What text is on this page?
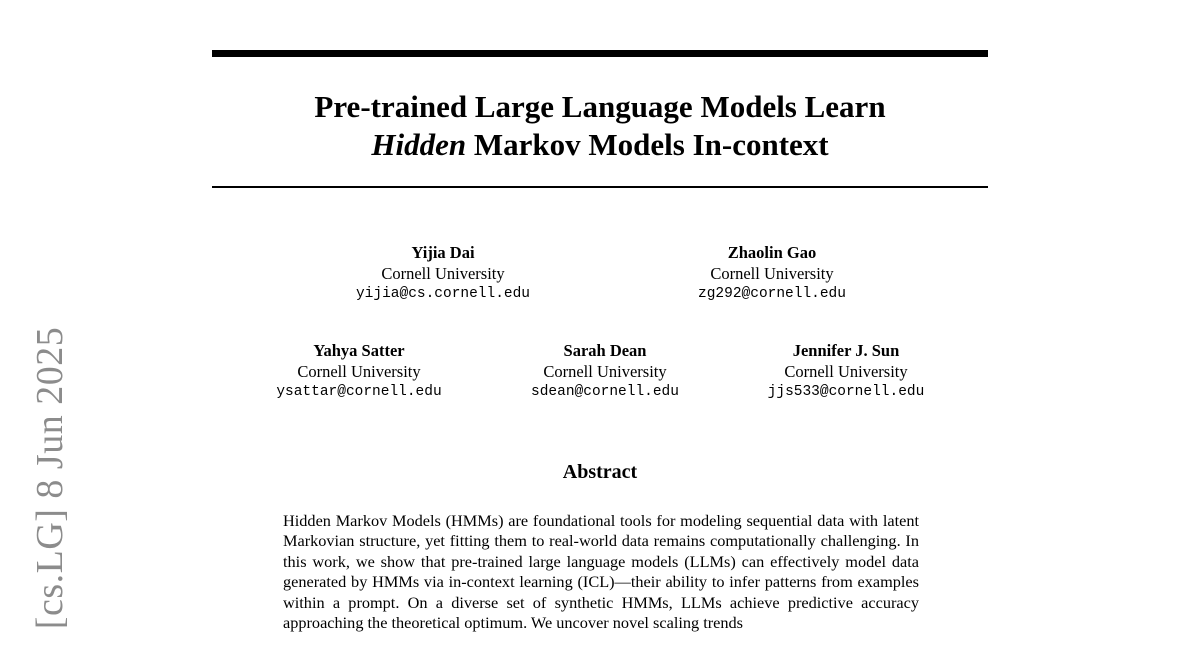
[cs.LG] 8 Jun 2025
Pre-trained Large Language Models Learn
Hidden Markov Models In-context
Yijia Dai
Cornell University
yijia@cs.cornell.edu
Zhaolin Gao
Cornell University
zg292@cornell.edu
Yahya Satter
Cornell University
ysattar@cornell.edu
Sarah Dean
Cornell University
sdean@cornell.edu
Jennifer J. Sun
Cornell University
jjs533@cornell.edu
Abstract
Hidden Markov Models (HMMs) are foundational tools for modeling sequential data with latent Markovian structure, yet fitting them to real-world data remains computationally challenging. In this work, we show that pre-trained large language models (LLMs) can effectively model data generated by HMMs via in-context learning (ICL)—their ability to infer patterns from examples within a prompt. On a diverse set of synthetic HMMs, LLMs achieve predictive accuracy approaching the theoretical optimum. We uncover novel scaling trends
